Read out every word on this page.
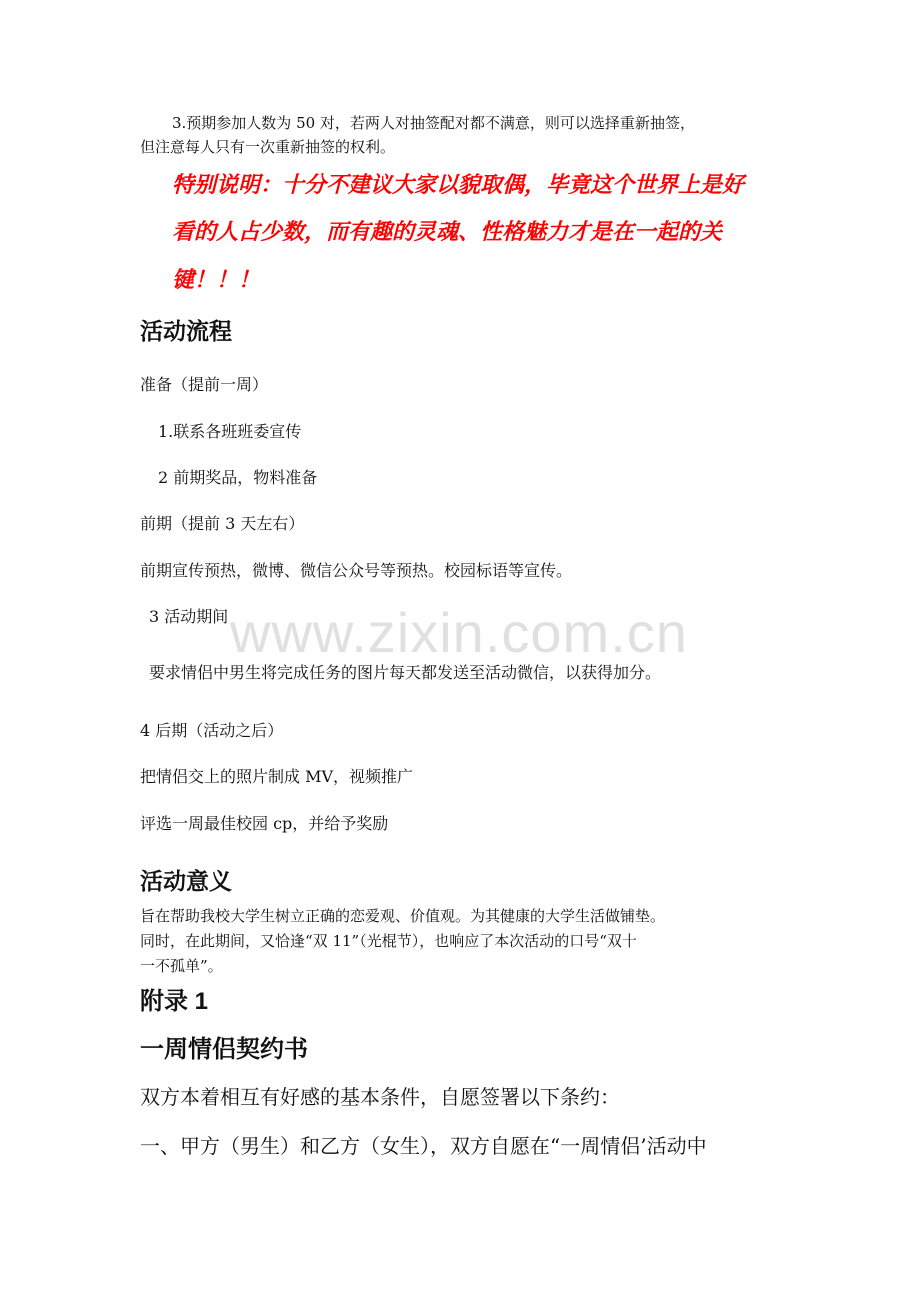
3.预期参加人数为 50 对，若两人对抽签配对都不满意，则可以选择重新抽签，

但注意每人只有一次重新抽签的权利。

特别说明：十分不建议大家以貌取偶，毕竟这个世界上是好

看的人占少数，而有趣的灵魂、性格魅力才是在一起的关

键！！！

活动流程

准备（提前一周）

1.联系各班班委宣传

2 前期奖品，物料准备

前期（提前 3 天左右）

前期宣传预热，微博、微信公众号等预热。校园标语等宣传。

3 活动期间

要求情侣中男生将完成任务的图片每天都发送至活动微信，以获得加分。

4 后期（活动之后）

把情侣交上的照片制成 MV，视频推广

评选一周最佳校园 cp，并给予奖励

活动意义

旨在帮助我校大学生树立正确的恋爱观、价值观。为其健康的大学生活做铺垫。

同时，在此期间，又恰逢“双 11”（光棍节），也响应了本次活动的口号“双十

一不孤单”。

附录 1
一周情侣契约书

双方本着相互有好感的基本条件，自愿签署以下条约：

一、甲方（男生）和乙方（女生），双方自愿在“一周情侣’活动中

www.zixin.com.cn
